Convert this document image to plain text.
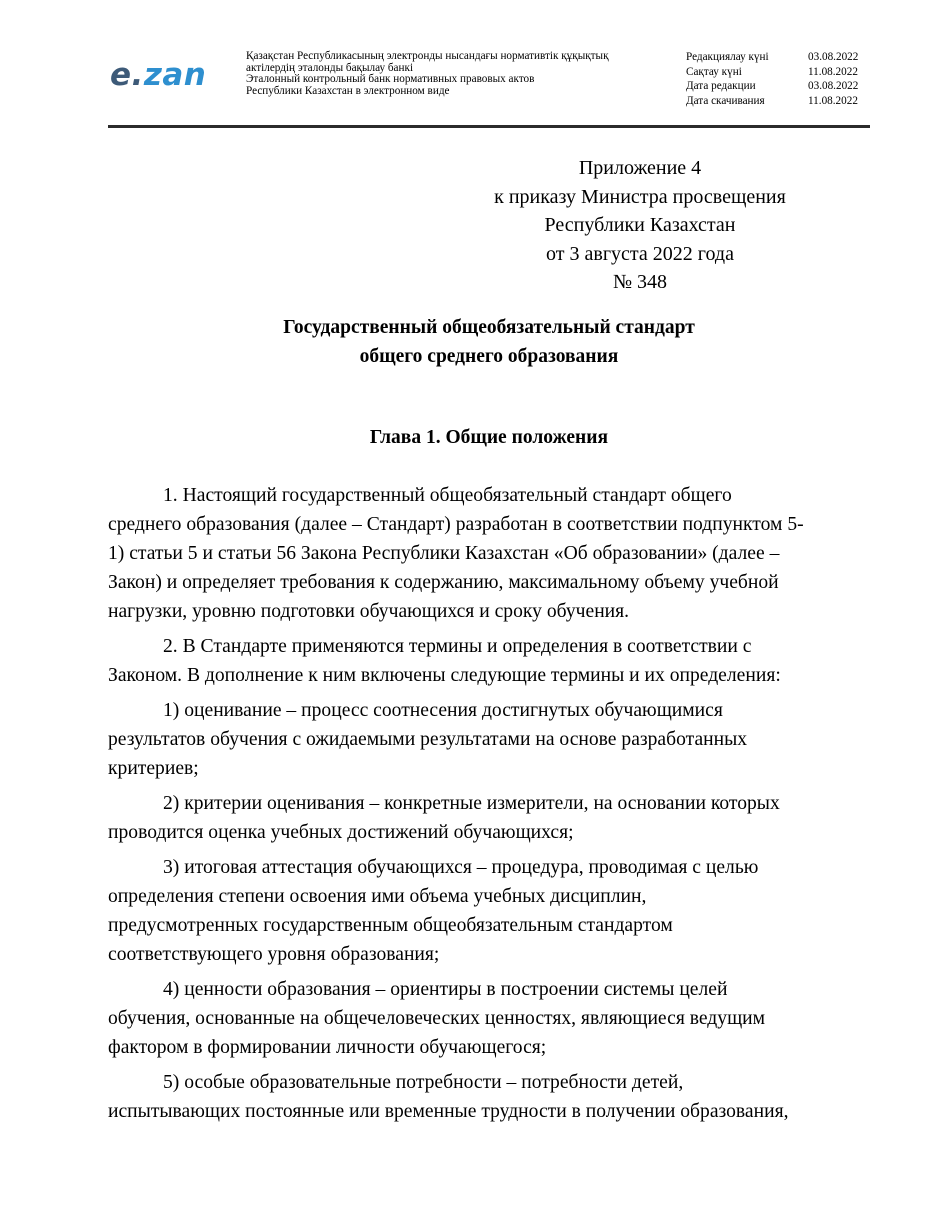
e.zan
Қазақстан Республикасының электронды нысандағы нормативтік құқықтық
актілердің эталонды бақылау банкі
Эталонный контрольный банк нормативных правовых актов
Республики Казахстан в электронном виде
Редакциялау күні	03.08.2022
Сақтау күні	11.08.2022
Дата редакции	03.08.2022
Дата скачивания	11.08.2022
Приложение 4
к приказу Министра просвещения
Республики Казахстан
от 3 августа 2022 года
№ 348
Государственный общеобязательный стандарт
общего среднего образования
Глава 1. Общие положения
1. Настоящий государственный общеобязательный стандарт общего
среднего образования (далее – Стандарт) разработан в соответствии подпунктом 5-
1) статьи 5 и статьи 56 Закона Республики Казахстан «Об образовании» (далее –
Закон) и определяет требования к содержанию, максимальному объему учебной
нагрузки, уровню подготовки обучающихся и сроку обучения.
2. В Стандарте применяются термины и определения в соответствии с
Законом. В дополнение к ним включены следующие термины и их определения:
1) оценивание – процесс соотнесения достигнутых обучающимися
результатов обучения с ожидаемыми результатами на основе разработанных
критериев;
2) критерии оценивания – конкретные измерители, на основании которых
проводится оценка учебных достижений обучающихся;
3) итоговая аттестация обучающихся – процедура, проводимая с целью
определения степени освоения ими объема учебных дисциплин,
предусмотренных государственным общеобязательным стандартом
соответствующего уровня образования;
4) ценности образования – ориентиры в построении системы целей
обучения, основанные на общечеловеческих ценностях, являющиеся ведущим
фактором в формировании личности обучающегося;
5) особые образовательные потребности – потребности детей,
испытывающих постоянные или временные трудности в получении образования,
